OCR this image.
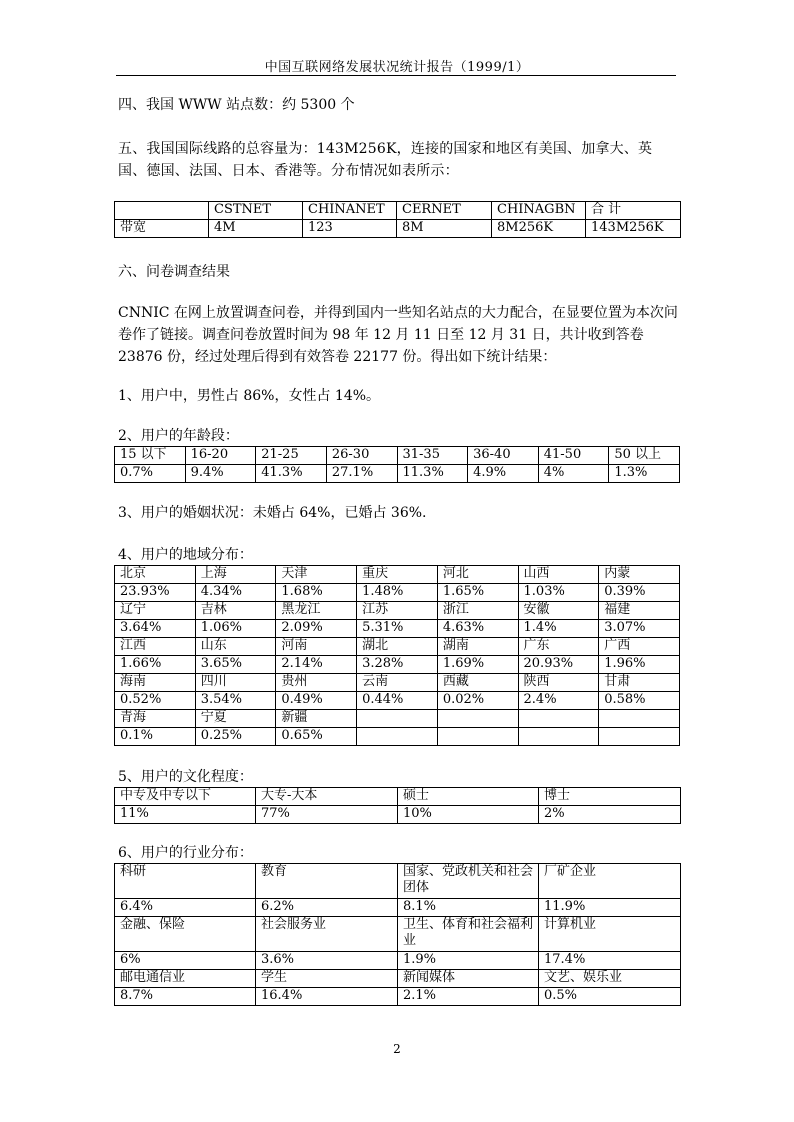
中国互联网络发展状况统计报告（1999/1）

四、我国 WWW 站点数：约 5300 个

五、我国国际线路的总容量为：143M256K，连接的国家和地区有美国、加拿大、英国、德国、法国、日本、香港等。分布情况如表所示：

	CSTNET	CHINANET	CERNET	CHINAGBN	合 计
带宽	4M	123	8M	8M256K	143M256K

六、问卷调查结果

CNNIC 在网上放置调查问卷，并得到国内一些知名站点的大力配合，在显要位置为本次问卷作了链接。调查问卷放置时间为 98 年 12 月 11 日至 12 月 31 日，共计收到答卷 23876 份，经过处理后得到有效答卷 22177 份。得出如下统计结果：

1、用户中，男性占 86%，女性占 14%。

2、用户的年龄段：

15 以下	16-20	21-25	26-30	31-35	36-40	41-50	50 以上
0.7%	9.4%	41.3%	27.1%	11.3%	4.9%	4%	1.3%

3、用户的婚姻状况：未婚占 64%，已婚占 36%.

4、用户的地域分布：

北京	上海	天津	重庆	河北	山西	内蒙
23.93%	4.34%	1.68%	1.48%	1.65%	1.03%	0.39%
辽宁	吉林	黑龙江	江苏	浙江	安徽	福建
3.64%	1.06%	2.09%	5.31%	4.63%	1.4%	3.07%
江西	山东	河南	湖北	湖南	广东	广西
1.66%	3.65%	2.14%	3.28%	1.69%	20.93%	1.96%
海南	四川	贵州	云南	西藏	陕西	甘肃
0.52%	3.54%	0.49%	0.44%	0.02%	2.4%	0.58%
青海	宁夏	新疆				
0.1%	0.25%	0.65%				

5、用户的文化程度：

中专及中专以下	大专-大本	硕士	博士
11%	77%	10%	2%

6、用户的行业分布：

科研	教育	国家、党政机关和社会团体	厂矿企业
6.4%	6.2%	8.1%	11.9%
金融、保险	社会服务业	卫生、体育和社会福利业	计算机业
6%	3.6%	1.9%	17.4%
邮电通信业	学生	新闻媒体	文艺、娱乐业
8.7%	16.4%	2.1%	0.5%
2
